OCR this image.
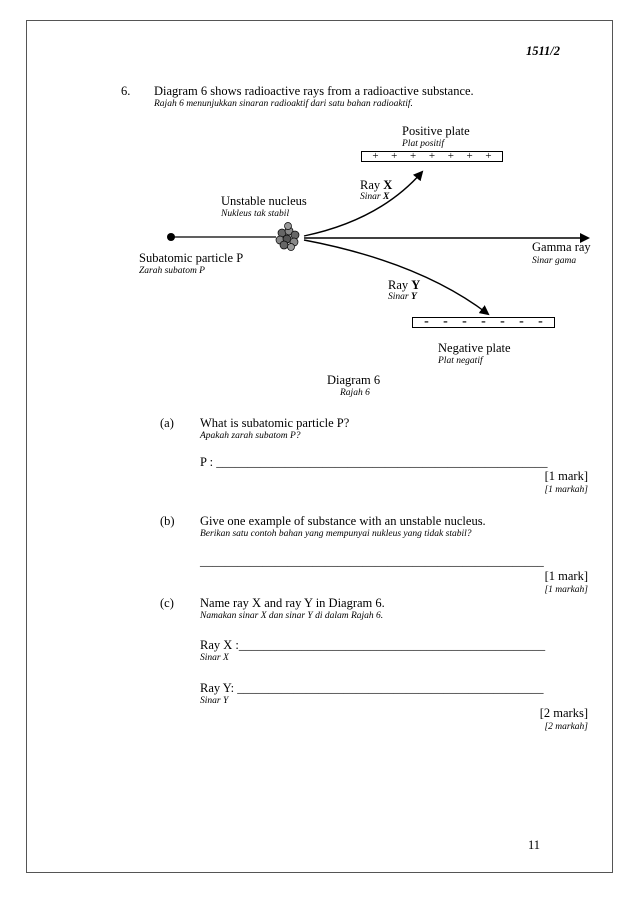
1511/2
6. Diagram 6 shows radioactive rays from a radioactive substance.
Rajah 6 menunjukkan sinaran radioaktif dari satu bahan radioaktif.
Positive plate
Plat positif
+ + + + + + +
Ray X
Sinar X
Unstable nucleus
Nukleus tak stabil
Subatomic particle P
Zarah subatom P
Gamma ray
Sinar gama
Ray Y
Sinar Y
- - - - - - -
Negative plate
Plat negatif
Diagram 6
Rajah 6
(a) What is subatomic particle P?
Apakah zarah subatom P?
P : _____________________________________________________
[1 mark]
[1 markah]
(b) Give one example of substance with an unstable nucleus.
Berikan satu contoh bahan yang mempunyai nukleus yang tidak stabil?
_______________________________________________________
[1 mark]
[1 markah]
(c) Name ray X and ray Y in Diagram 6.
Namakan sinar X dan sinar Y di dalam Rajah 6.
Ray X :_________________________________________________
Sinar X
Ray Y: _________________________________________________
Sinar Y
[2 marks]
[2 markah]
11
